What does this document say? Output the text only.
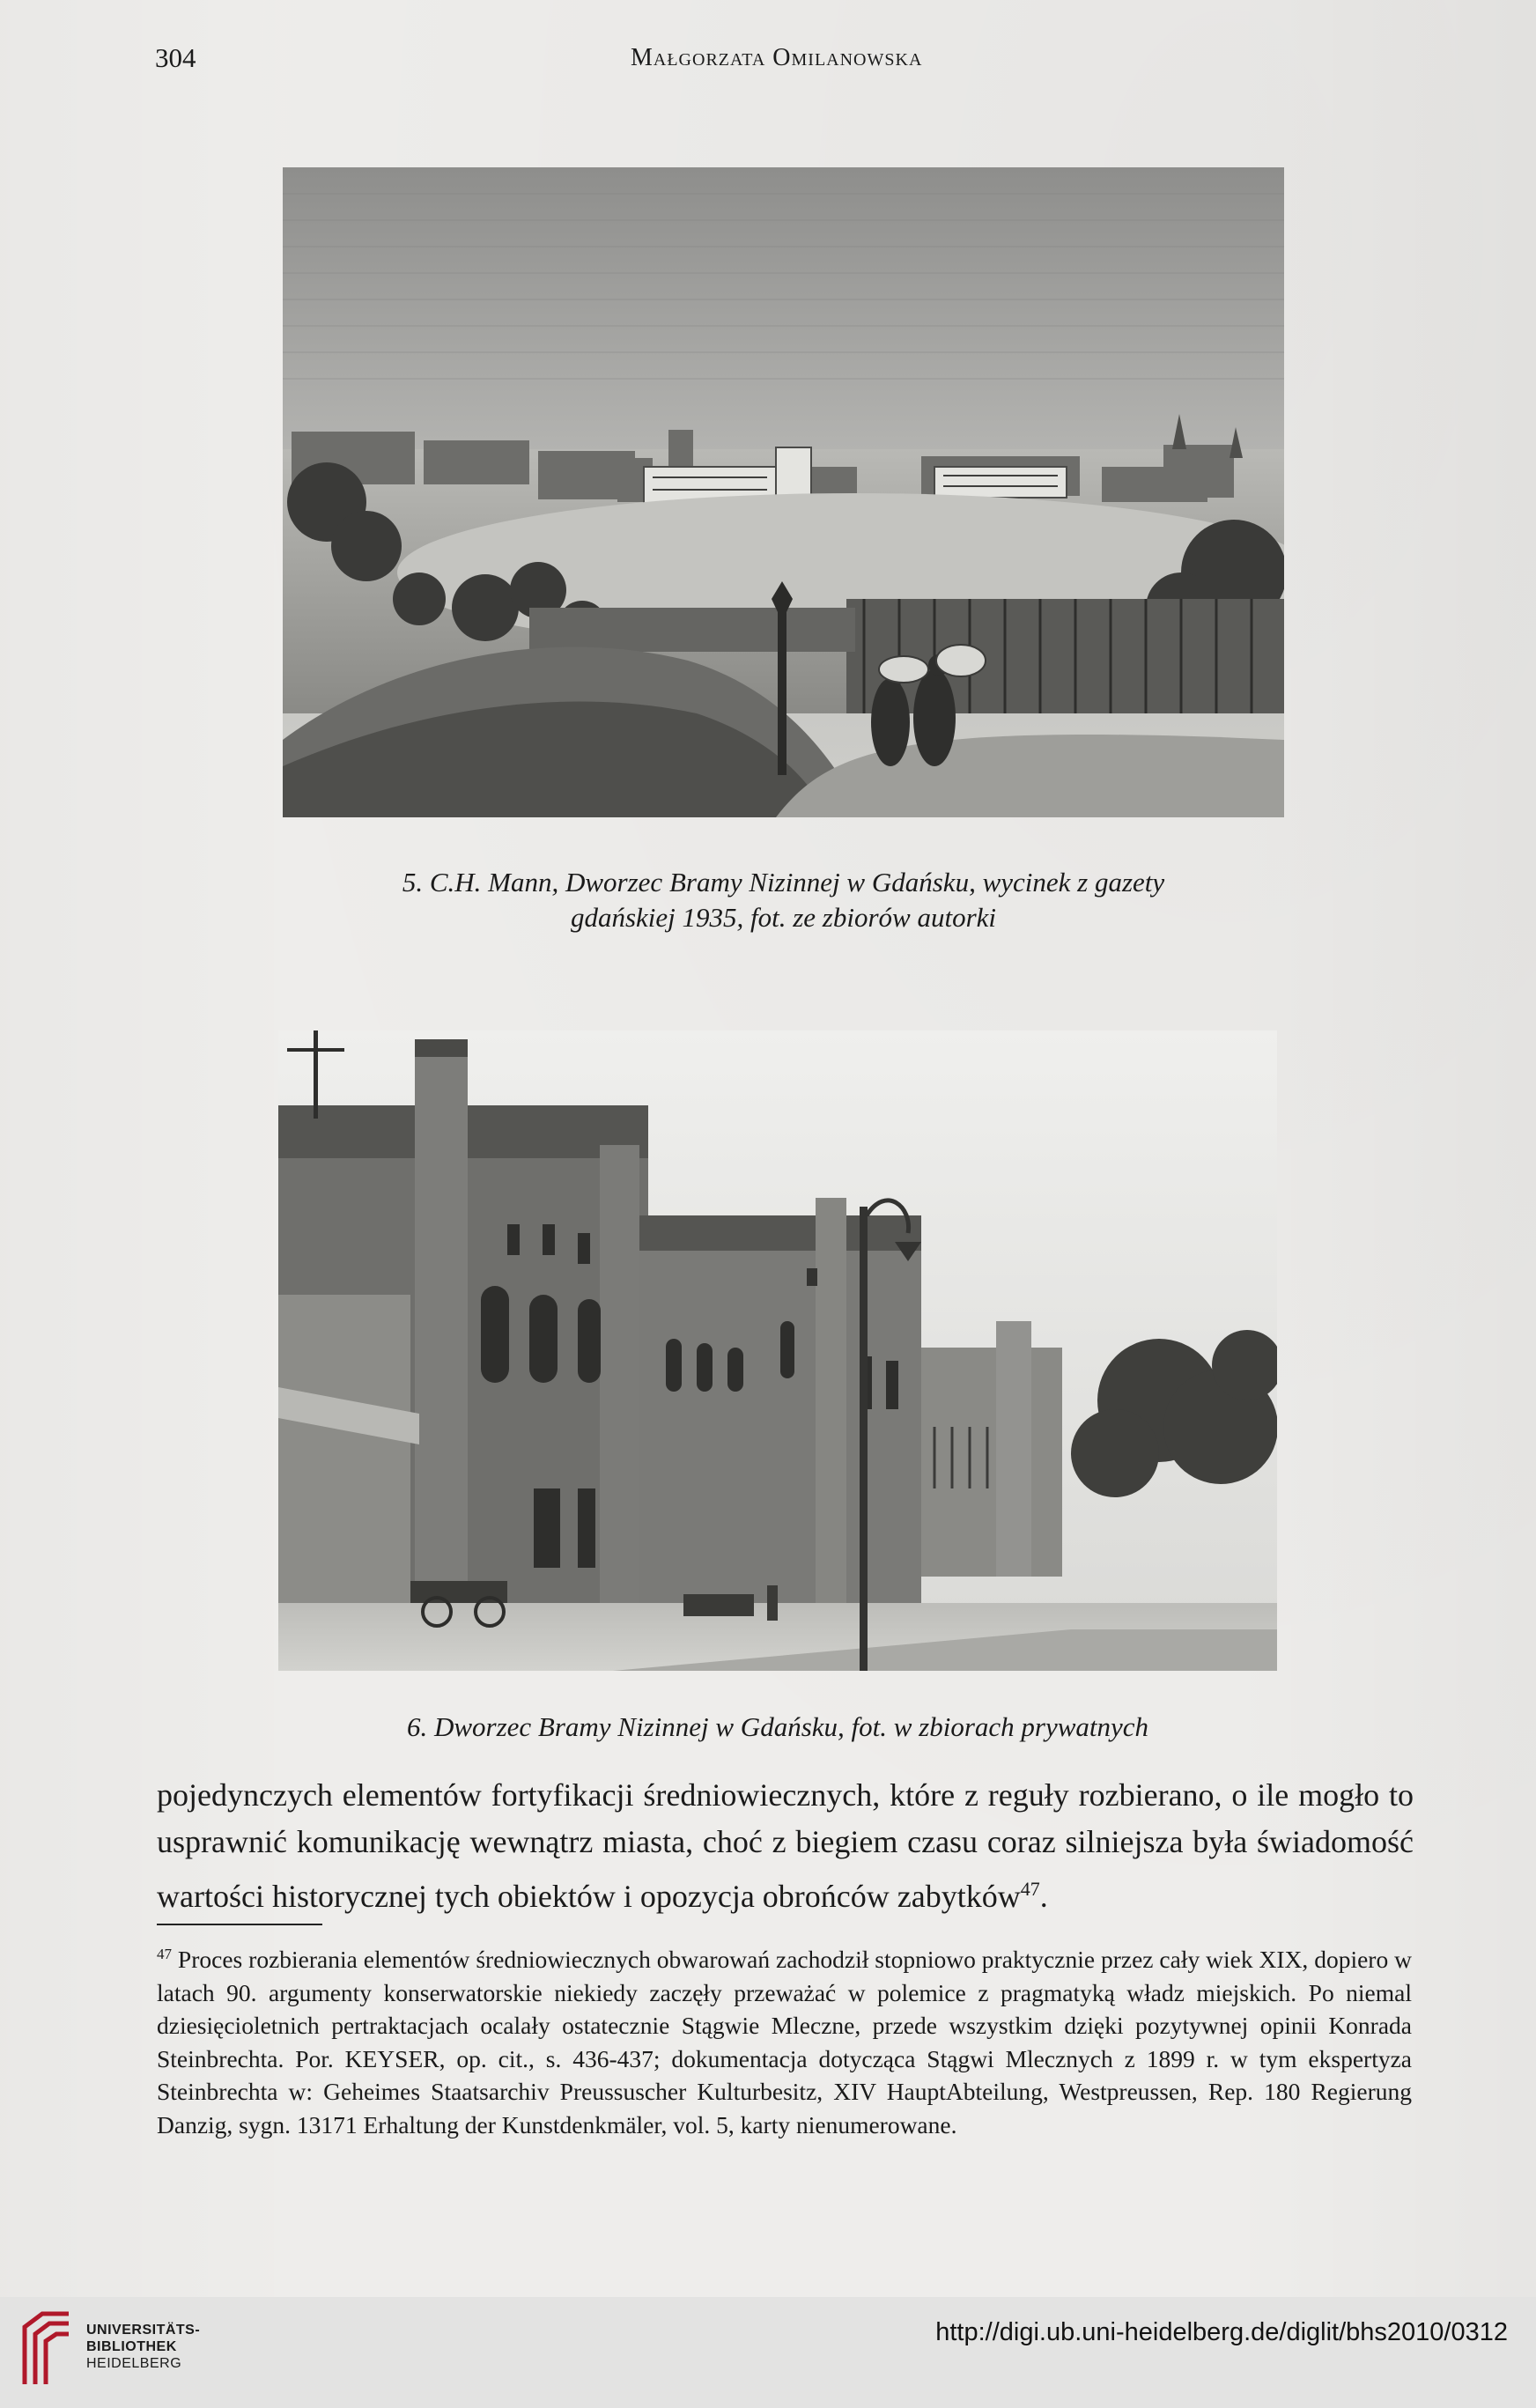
304	Małgorzata Omilanowska
5. C.H. Mann, Dworzec Bramy Nizinnej w Gdańsku, wycinek z gazety
gdańskiej 1935, fot. ze zbiorów autorki
6. Dworzec Bramy Nizinnej w Gdańsku, fot. w zbiorach prywatnych
pojedynczych elementów fortyfikacji średniowiecznych, które z reguły rozbierano, o ile mogło to usprawnić komunikację wewnątrz miasta, choć z biegiem czasu coraz silniejsza była świadomość wartości historycznej tych obiektów i opozycja obrońców zabytków$^{47}$.
$^{47}$ Proces rozbierania elementów średniowiecznych obwarowań zachodził stopniowo praktycznie przez cały wiek XIX, dopiero w latach 90. argumenty konserwatorskie niekiedy zaczęły przeważać w polemice z pragmatyką władz miejskich. Po niemal dziesięcioletnich pertraktacjach ocalały ostatecznie Stągwie Mleczne, przede wszystkim dzięki pozytywnej opinii Konrada Steinbrechta. Por. KEYSER, op. cit., s. 436-437; dokumentacja dotycząca Stągwi Mlecznych z 1899 r. w tym ekspertyza Steinbrechta w: Geheimes Staatsarchiv Preussuscher Kulturbesitz, XIV HauptAbteilung, Westpreussen, Rep. 180 Regierung Danzig, sygn. 13171 Erhaltung der Kunstdenkmäler, vol. 5, karty nienumerowane.
UNIVERSITÄTS-
BIBLIOTHEK
HEIDELBERG
http://digi.ub.uni-heidelberg.de/diglit/bhs2010/0312
